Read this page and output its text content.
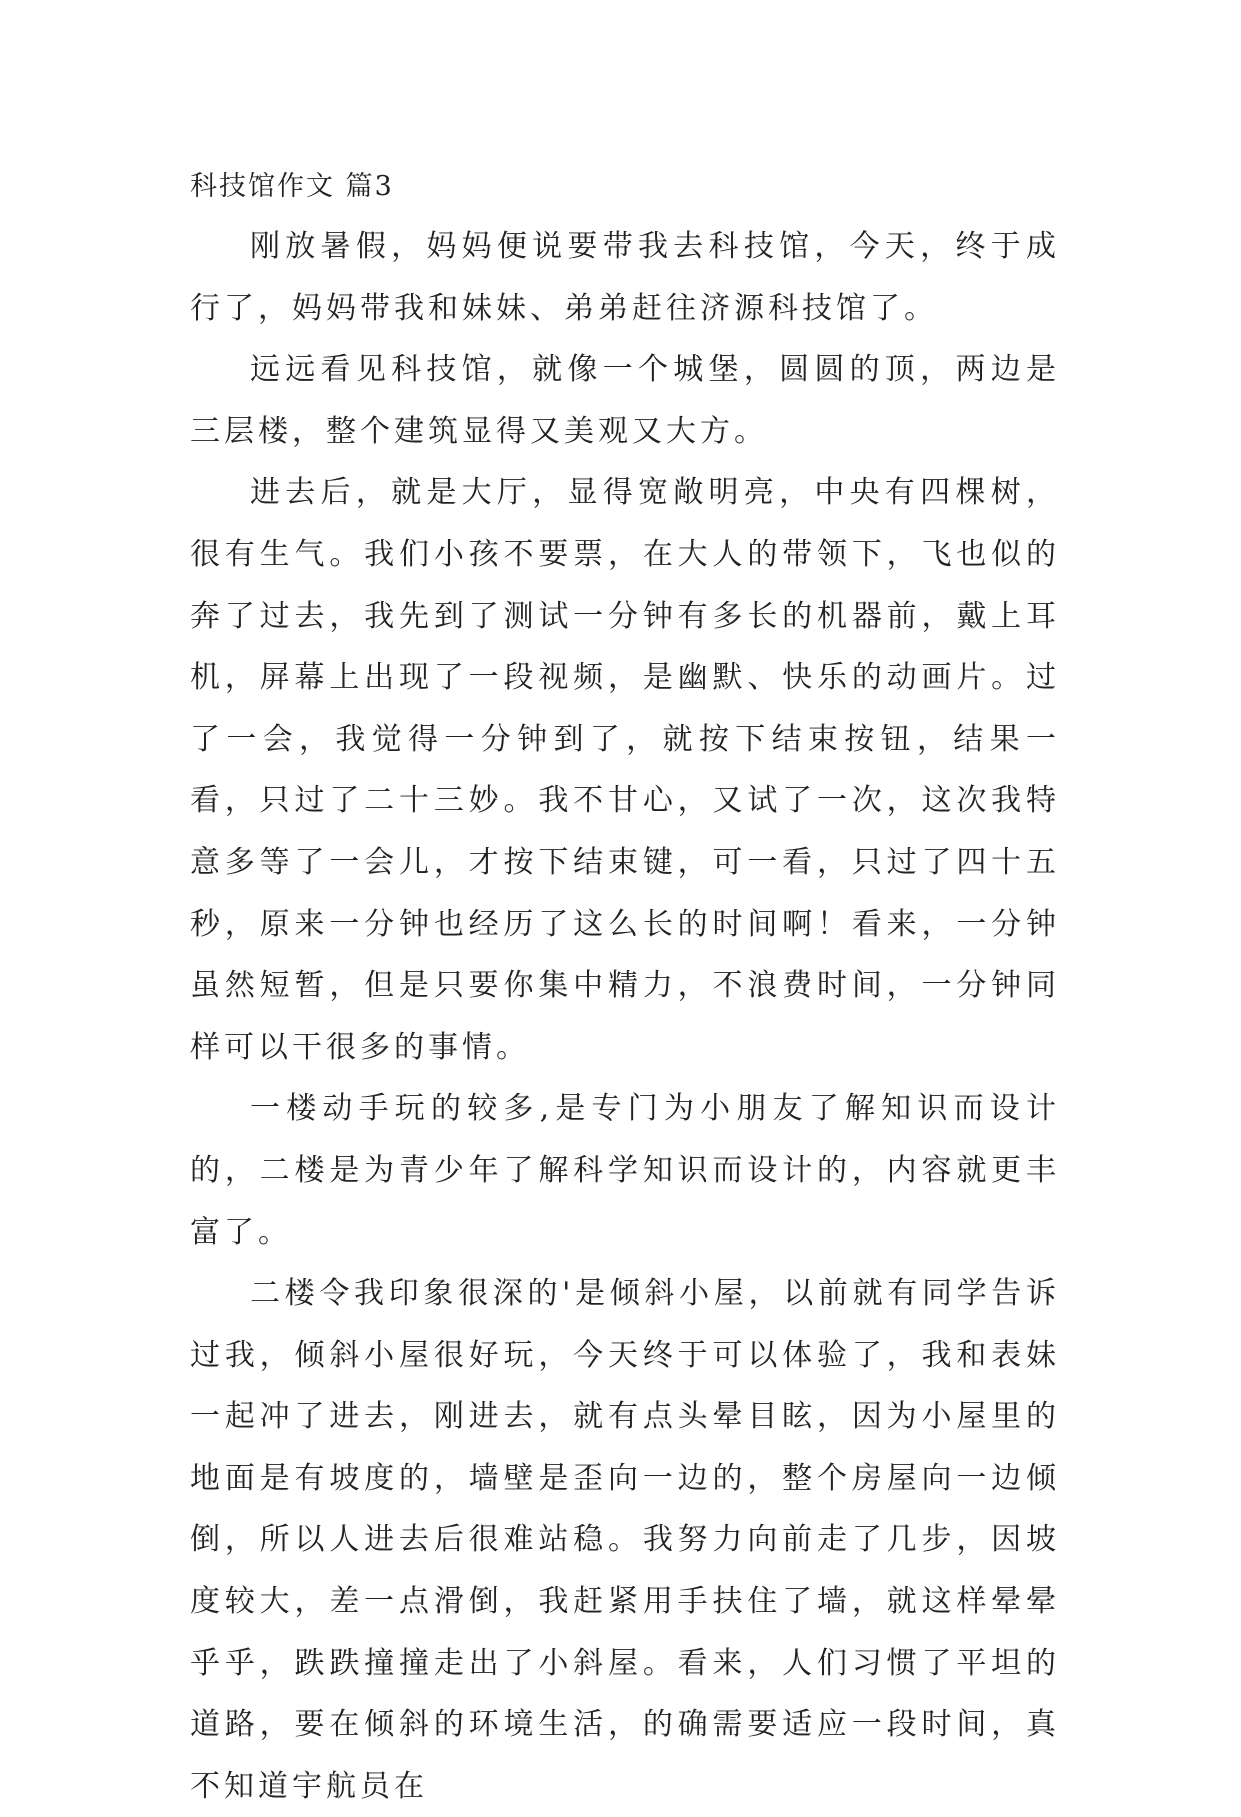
科技馆作文 篇3

刚放暑假，妈妈便说要带我去科技馆，今天，终于成行了，妈妈带我和妹妹、弟弟赶往济源科技馆了。

远远看见科技馆，就像一个城堡，圆圆的顶，两边是三层楼，整个建筑显得又美观又大方。

进去后，就是大厅，显得宽敞明亮，中央有四棵树，很有生气。我们小孩不要票，在大人的带领下，飞也似的奔了过去，我先到了测试一分钟有多长的机器前，戴上耳机，屏幕上出现了一段视频，是幽默、快乐的动画片。过了一会，我觉得一分钟到了，就按下结束按钮，结果一看，只过了二十三妙。我不甘心，又试了一次，这次我特意多等了一会儿，才按下结束键，可一看，只过了四十五秒，原来一分钟也经历了这么长的时间啊！看来，一分钟虽然短暂，但是只要你集中精力，不浪费时间，一分钟同样可以干很多的事情。

一楼动手玩的较多,是专门为小朋友了解知识而设计的，二楼是为青少年了解科学知识而设计的，内容就更丰富了。

二楼令我印象很深的'是倾斜小屋，以前就有同学告诉过我，倾斜小屋很好玩，今天终于可以体验了，我和表妹一起冲了进去，刚进去，就有点头晕目眩，因为小屋里的地面是有坡度的，墙壁是歪向一边的，整个房屋向一边倾倒，所以人进去后很难站稳。我努力向前走了几步，因坡度较大，差一点滑倒，我赶紧用手扶住了墙，就这样晕晕乎乎，跌跌撞撞走出了小斜屋。看来，人们习惯了平坦的道路，要在倾斜的环境生活，的确需要适应一段时间，真不知道宇航员在
